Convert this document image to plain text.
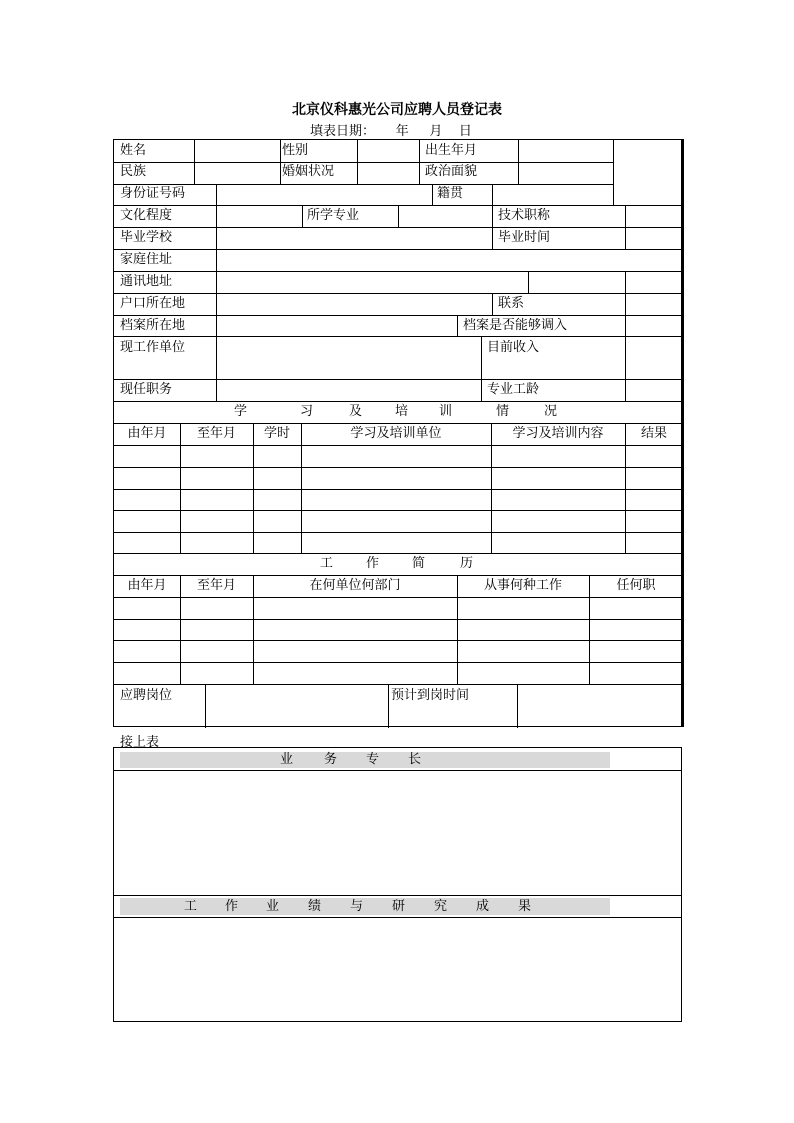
北京仪科惠光公司应聘人员登记表
填表日期： 年 月 日
姓名	性别	出生年月
民族	婚姻状况	政治面貌
身份证号码	籍贯
文化程度	所学专业	技术职称
毕业学校	毕业时间
家庭住址
通讯地址
户口所在地	联系
档案所在地	档案是否能够调入
现工作单位	目前收入
现任职务	专业工龄
学	习	及	培 训	情	况
由年月	至年月	学时	学习及培训单位	学习及培训内容	结果
工	作	简	历
由年月	至年月	在何单位何部门	从事何种工作	任何职
应聘岗位	预计到岗时间
接上表
业 务 专 长
工 作 业 绩 与 研 究 成 果
